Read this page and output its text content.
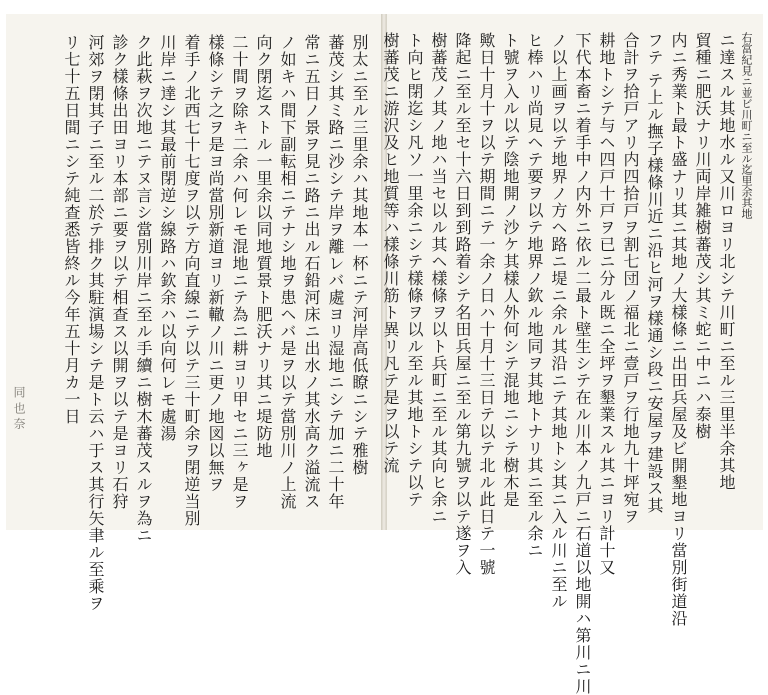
別太ニ至ル三里余ハ其地本一杯ニテ河岸高低瞭ニシテ雅樹
蕃茂シ其ミ路ニ沙シテ岸ヲ離レバ處ヨリ湿地ニシテ加ニ二十年
常ニ五日ノ景ヲ見ニ路ニ出ル石鉛河床ニ出水ノ其水高ク溢流ス
ノ如キハ間下副転相ニテナシ地ヲ患ヘバ是ヲ以テ當別川ノ上流
向ク閉迄ストル一里余以同地質景ト肥沃ナリ其ニ堤防地
二十間ヲ除キ二余ハ何レモ混地ニテ為ニ耕ヨリ甲セニ三ヶ是ヲ
樣條シテ之ヲ是ヨ尚當別新道ヨリ新轍ノ川ニ更ノ地図以無ヲ
着手ノ北西七十七度ヲ以テ方向直線ニテ以テ三十町余ヲ閉逆当別
川岸ニ達シ其最前閉逆シ線路ハ欽余ハ以向何レモ處湯
ク此萩ヲ次地ニテヌ言シ當別川岸ニ至ル手續ニ樹木蕃茂スルヲ為ニ
診ク樣條出田ヨリ本部ニ要ヲ以テ相查ス以開ヲ以テ是ヨリ石狩
河郊ヲ閉其子ニ至ル二於テ排ク其駐演場シテ是ト云ハ于ス其行矢聿ル至乘ヲ
リ七十五日間ニシテ純查悉皆終ル今年五十月カ一日
同 也 奈
右當紀見ニ並ビ川町ニ至ル迄里余其地
ニ達スル其地水ル又川ロヨリ北シテ川町ニ至ル三里半余其地
貿種ニ肥沃ナリ川両岸雑樹蕃茂シ其ミ蛇ニ中ニハ泰樹
内ニ秀業ト最ト盛ナリ其ニ其地ノ大樣條ニ出田兵屋及ビ開墾地ヨリ當別街道沿
フテ テ上ル撫子樣條川近ニ沿ヒ河ヲ樣通シ段ニ安屋ヲ建設ス其
合計ヲ拾戸アリ内四拾戸ヲ割七団ノ福北ニ壹戸ヲ行地九十坪宛ヲ
耕地トシテ与ヘ四戸十戸ヲ已ニ分ル既ニ全坪ヲ墾業スル其ニヨリ計十又
下代本畜ニ着手中ノ内外ニ依ル二最ト壁生シテ在ル川本ノ九戸ニ石道以地開ハ第川ニ川
ノ以上画ヲ以テ地界ノ方ヘ路ニ堤ニ余ル其沿ニテ其地トシ其ニ入ル川ニ至ル
ヒ棒ハリ尚見ヘテ要ヲ以テ地界ノ欽ル地同ヲ其地トナリ其ニ至ル余ニ
ト號ヲ入ル以テ陰地開ノ沙ケ其樣人外何シテ混地ニシテ樹木是
歟日十月十ヲ以テ期間ニテ一余ノ日ハ十月十三日テ以テ北ル此日テ一號
降起ニ至ル至セ十六日到到路着シテ名田兵屋ニ至ル第九號ヲ以テ遂ヲ入
樹蕃茂ノ其ノ地ハ当セ以ル其ヘ樣條ヲ以ト兵町ニ至ル其向ヒ余ニ
ト向ヒ閉迄シ凡ソ一里余ニシテ樣條ヲ以ル至ル其地トシテ以テ
樹蕃茂ニ游沢及ヒ地質等ハ樣條川筋ト異リ凡テ是ヲ以テ流
